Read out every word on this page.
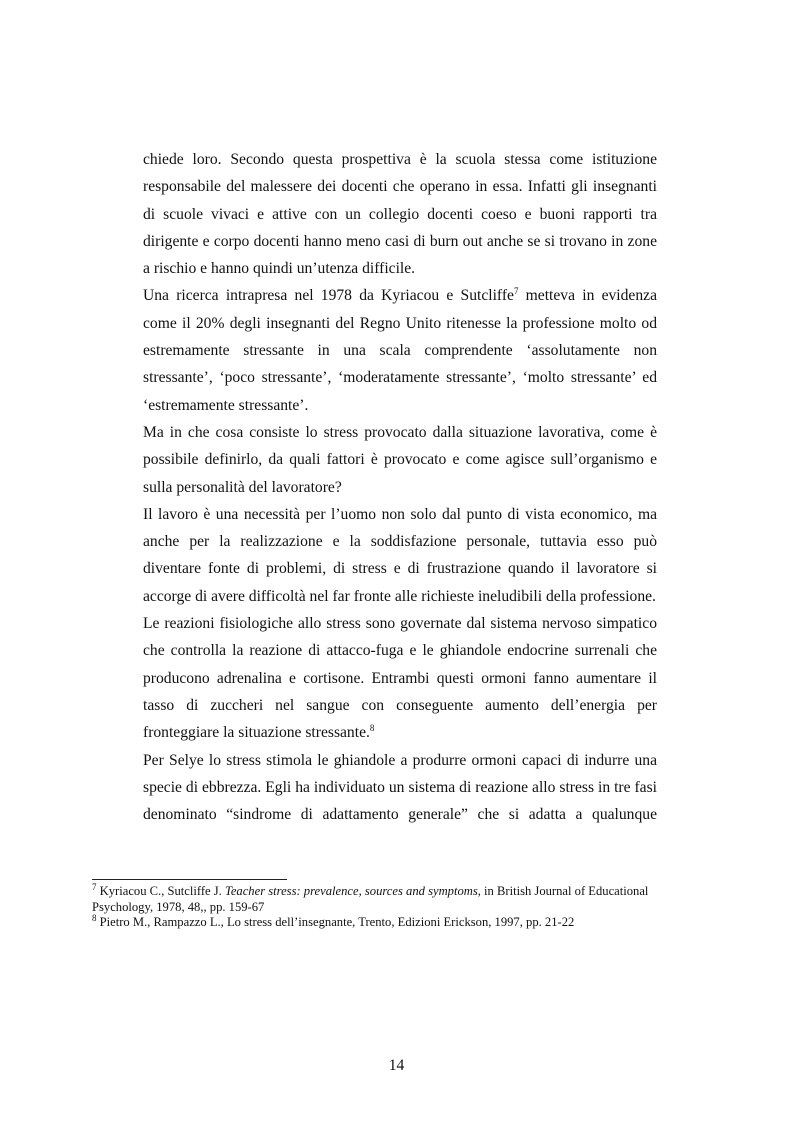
chiede loro. Secondo questa prospettiva è la scuola stessa come istituzione responsabile del malessere dei docenti che operano in essa. Infatti gli insegnanti di scuole vivaci e attive con un collegio docenti coeso e buoni rapporti tra dirigente e corpo docenti hanno meno casi di burn out anche se si trovano in zone a rischio e hanno quindi un’utenza difficile.

Una ricerca intrapresa nel 1978 da Kyriacou e Sutcliffe$^7$ metteva in evidenza come il 20% degli insegnanti del Regno Unito ritenesse la professione molto od estremamente stressante in una scala comprendente ‘assolutamente non stressante’, ‘poco stressante’, ‘moderatamente stressante’, ‘molto stressante’ ed ‘estremamente stressante’.

Ma in che cosa consiste lo stress provocato dalla situazione lavorativa, come è possibile definirlo, da quali fattori è provocato e come agisce sull’organismo e sulla personalità del lavoratore?

Il lavoro è una necessità per l’uomo non solo dal punto di vista economico, ma anche per la realizzazione e la soddisfazione personale, tuttavia esso può diventare fonte di problemi, di stress e di frustrazione quando il lavoratore si accorge di avere difficoltà nel far fronte alle richieste ineludibili della professione.

Le reazioni fisiologiche allo stress sono governate dal sistema nervoso simpatico che controlla la reazione di attacco-fuga e le ghiandole endocrine surrenali che producono adrenalina e cortisone. Entrambi questi ormoni fanno aumentare il tasso di zuccheri nel sangue con conseguente aumento dell’energia per fronteggiare la situazione stressante.$^8$

Per Selye lo stress stimola le ghiandole a produrre ormoni capaci di indurre una specie di ebbrezza. Egli ha individuato un sistema di reazione allo stress in tre fasi denominato “sindrome di adattamento generale” che si adatta a qualunque

$^7$ Kyriacou C., Sutcliffe J. Teacher stress: prevalence, sources and symptoms, in British Journal of Educational Psychology, 1978, 48,, pp. 159-67

$^8$ Pietro M., Rampazzo L., Lo stress dell’insegnante, Trento, Edizioni Erickson, 1997, pp. 21-22

14
